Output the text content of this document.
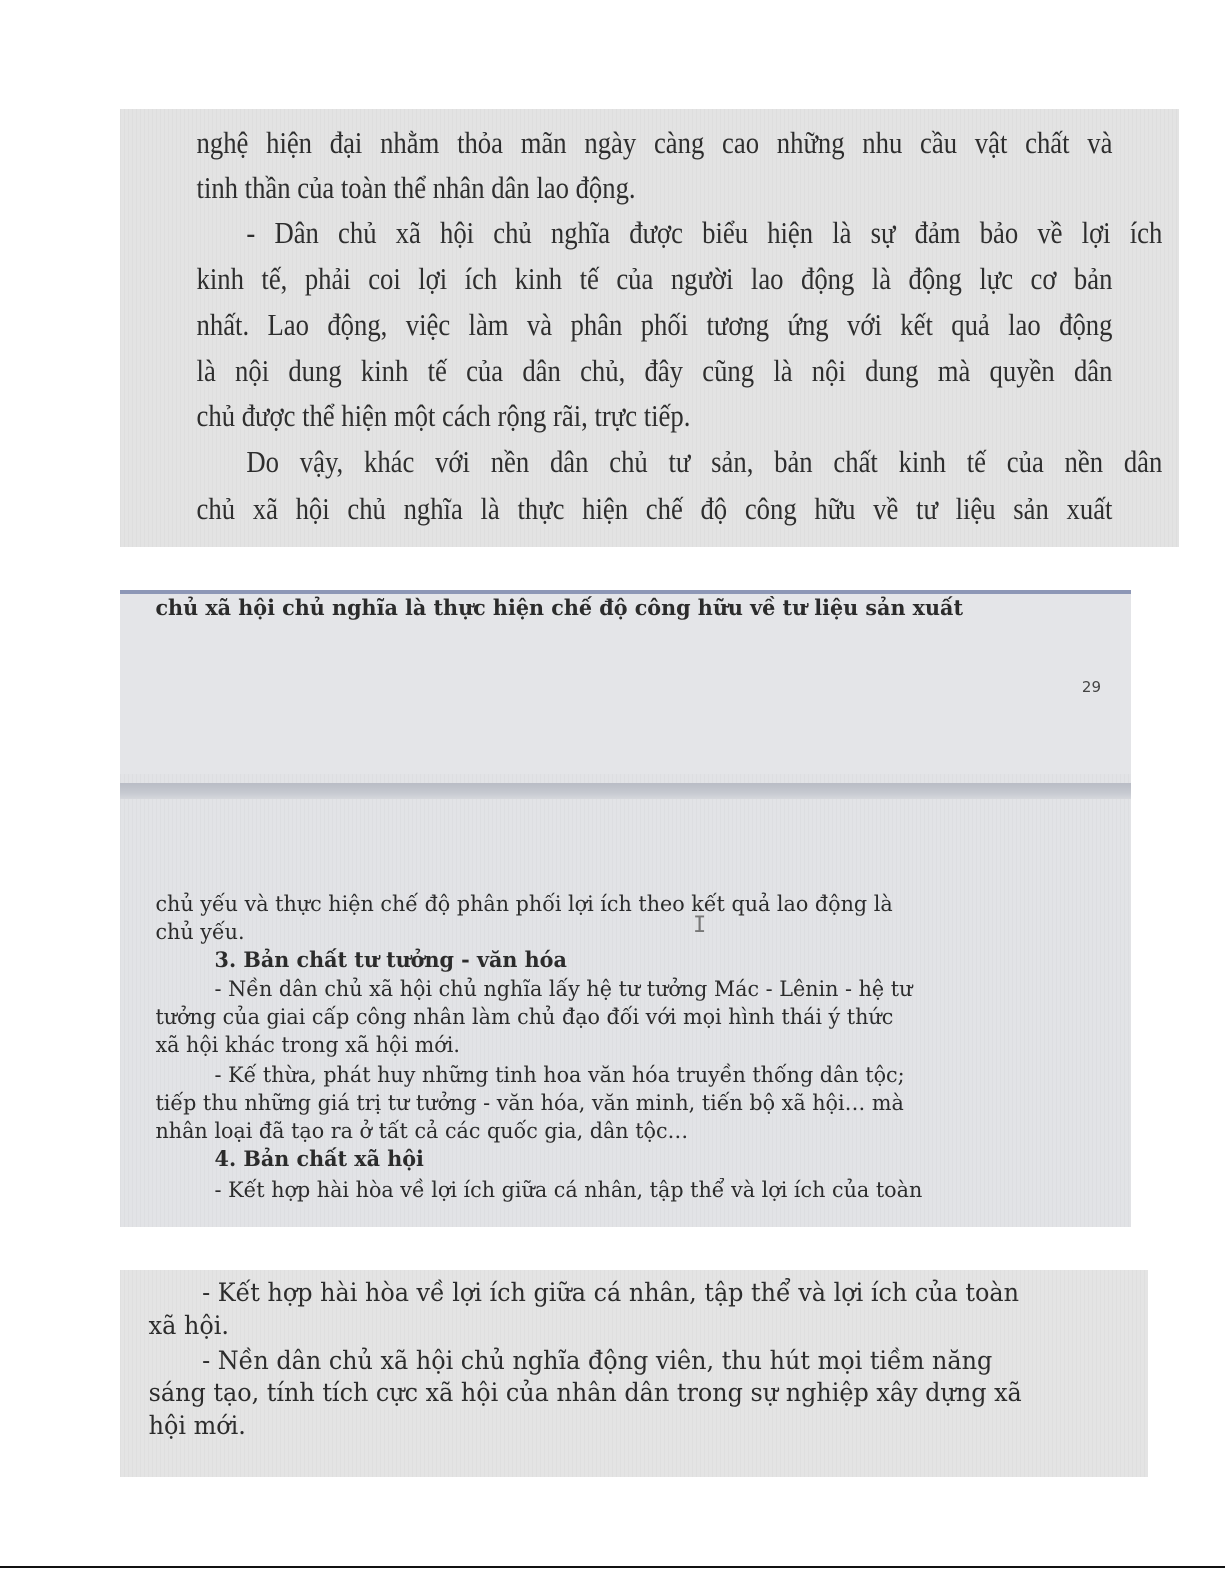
nghệ hiện đại nhằm thỏa mãn ngày càng cao những nhu cầu vật chất và
tinh thần của toàn thể nhân dân lao động.
- Dân chủ xã hội chủ nghĩa được biểu hiện là sự đảm bảo về lợi ích
kinh tế, phải coi lợi ích kinh tế của người lao động là động lực cơ bản
nhất. Lao động, việc làm và phân phối tương ứng với kết quả lao động
là nội dung kinh tế của dân chủ, đây cũng là nội dung mà quyền dân
chủ được thể hiện một cách rộng rãi, trực tiếp.
Do vậy, khác với nền dân chủ tư sản, bản chất kinh tế của nền dân
chủ xã hội chủ nghĩa là thực hiện chế độ công hữu về tư liệu sản xuất
chủ xã hội chủ nghĩa là thực hiện chế độ công hữu về tư liệu sản xuất
29
chủ yếu và thực hiện chế độ phân phối lợi ích theo kết quả lao động là
chủ yếu.
3. Bản chất tư tưởng - văn hóa
- Nền dân chủ xã hội chủ nghĩa lấy hệ tư tưởng Mác - Lênin - hệ tư
tưởng của giai cấp công nhân làm chủ đạo đối với mọi hình thái ý thức
xã hội khác trong xã hội mới.
- Kế thừa, phát huy những tinh hoa văn hóa truyền thống dân tộc;
tiếp thu những giá trị tư tưởng - văn hóa, văn minh, tiến bộ xã hội… mà
nhân loại đã tạo ra ở tất cả các quốc gia, dân tộc…
4. Bản chất xã hội
- Kết hợp hài hòa về lợi ích giữa cá nhân, tập thể và lợi ích của toàn
I
- Kết hợp hài hòa về lợi ích giữa cá nhân, tập thể và lợi ích của toàn
xã hội.
- Nền dân chủ xã hội chủ nghĩa động viên, thu hút mọi tiềm năng
sáng tạo, tính tích cực xã hội của nhân dân trong sự nghiệp xây dựng xã
hội mới.
